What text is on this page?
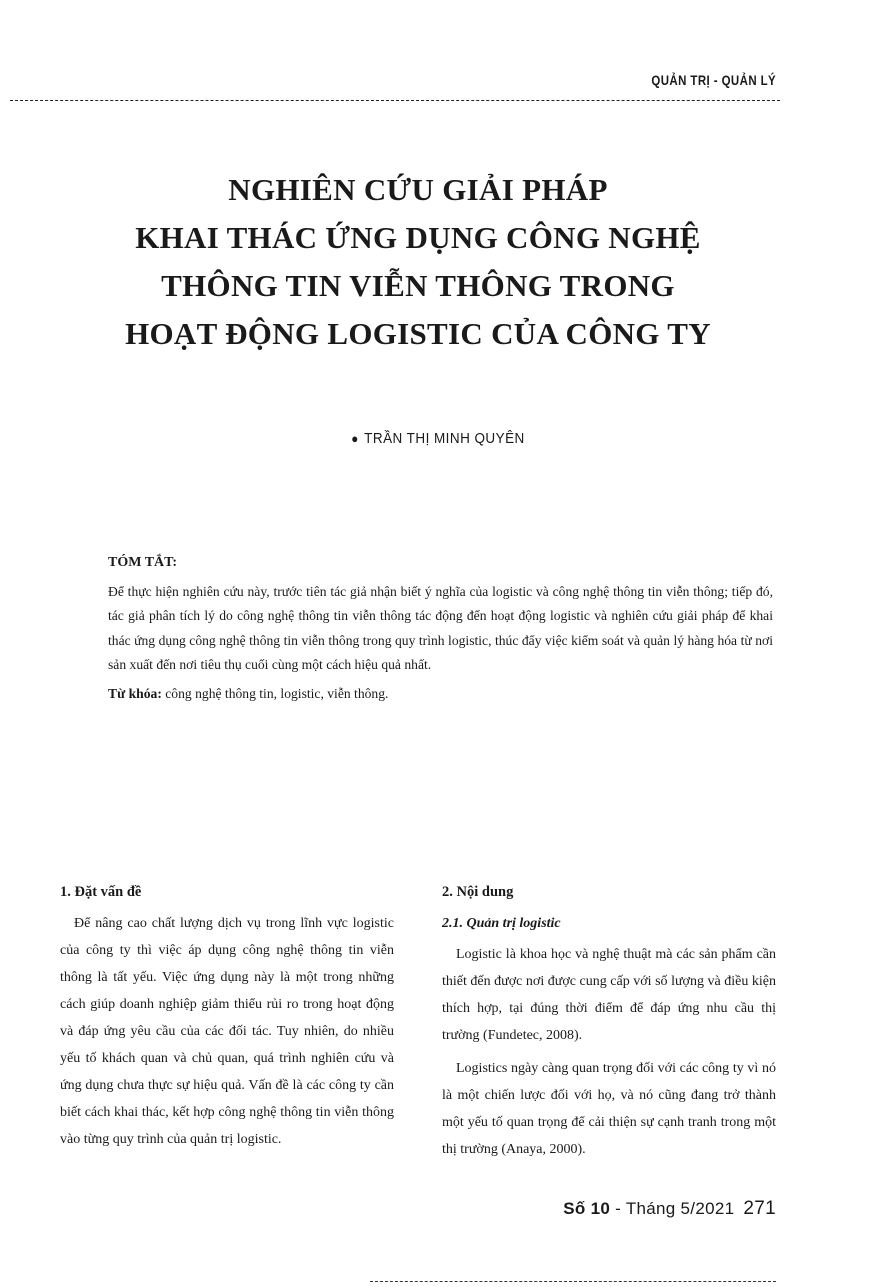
QUẢN TRỊ - QUẢN LÝ
NGHIÊN CỨU GIẢI PHÁP
KHAI THÁC ỨNG DỤNG CÔNG NGHỆ
THÔNG TIN VIỄN THÔNG TRONG
HOẠT ĐỘNG LOGISTIC CỦA CÔNG TY
● TRẦN THỊ MINH QUYÊN
TÓM TẮT:
Để thực hiện nghiên cứu này, trước tiên tác giả nhận biết ý nghĩa của logistic và công nghệ thông tin viễn thông; tiếp đó, tác giả phân tích lý do công nghệ thông tin viễn thông tác động đến hoạt động logistic và nghiên cứu giải pháp để khai thác ứng dụng công nghệ thông tin viễn thông trong quy trình logistic, thúc đẩy việc kiểm soát và quản lý hàng hóa từ nơi sản xuất đến nơi tiêu thụ cuối cùng một cách hiệu quả nhất.
Từ khóa: công nghệ thông tin, logistic, viễn thông.
1. Đặt vấn đề

Để nâng cao chất lượng dịch vụ trong lĩnh vực logistic của công ty thì việc áp dụng công nghệ thông tin viễn thông là tất yếu. Việc ứng dụng này là một trong những cách giúp doanh nghiệp giảm thiểu rủi ro trong hoạt động và đáp ứng yêu cầu của các đối tác. Tuy nhiên, do nhiều yếu tố khách quan và chủ quan, quá trình nghiên cứu và ứng dụng chưa thực sự hiệu quả. Vấn đề là các công ty cần biết cách khai thác, kết hợp công nghệ thông tin viễn thông vào từng quy trình của quản trị logistic.

2. Nội dung
2.1. Quản trị logistic

Logistic là khoa học và nghệ thuật mà các sản phẩm cần thiết đến được nơi được cung cấp với số lượng và điều kiện thích hợp, tại đúng thời điểm để đáp ứng nhu cầu thị trường (Fundetec, 2008).

Logistics ngày càng quan trọng đối với các công ty vì nó là một chiến lược đối với họ, và nó cũng đang trở thành một yếu tố quan trọng để cải thiện sự cạnh tranh trong một thị trường (Anaya, 2000).

Số 10 - Tháng 5/2021 271
